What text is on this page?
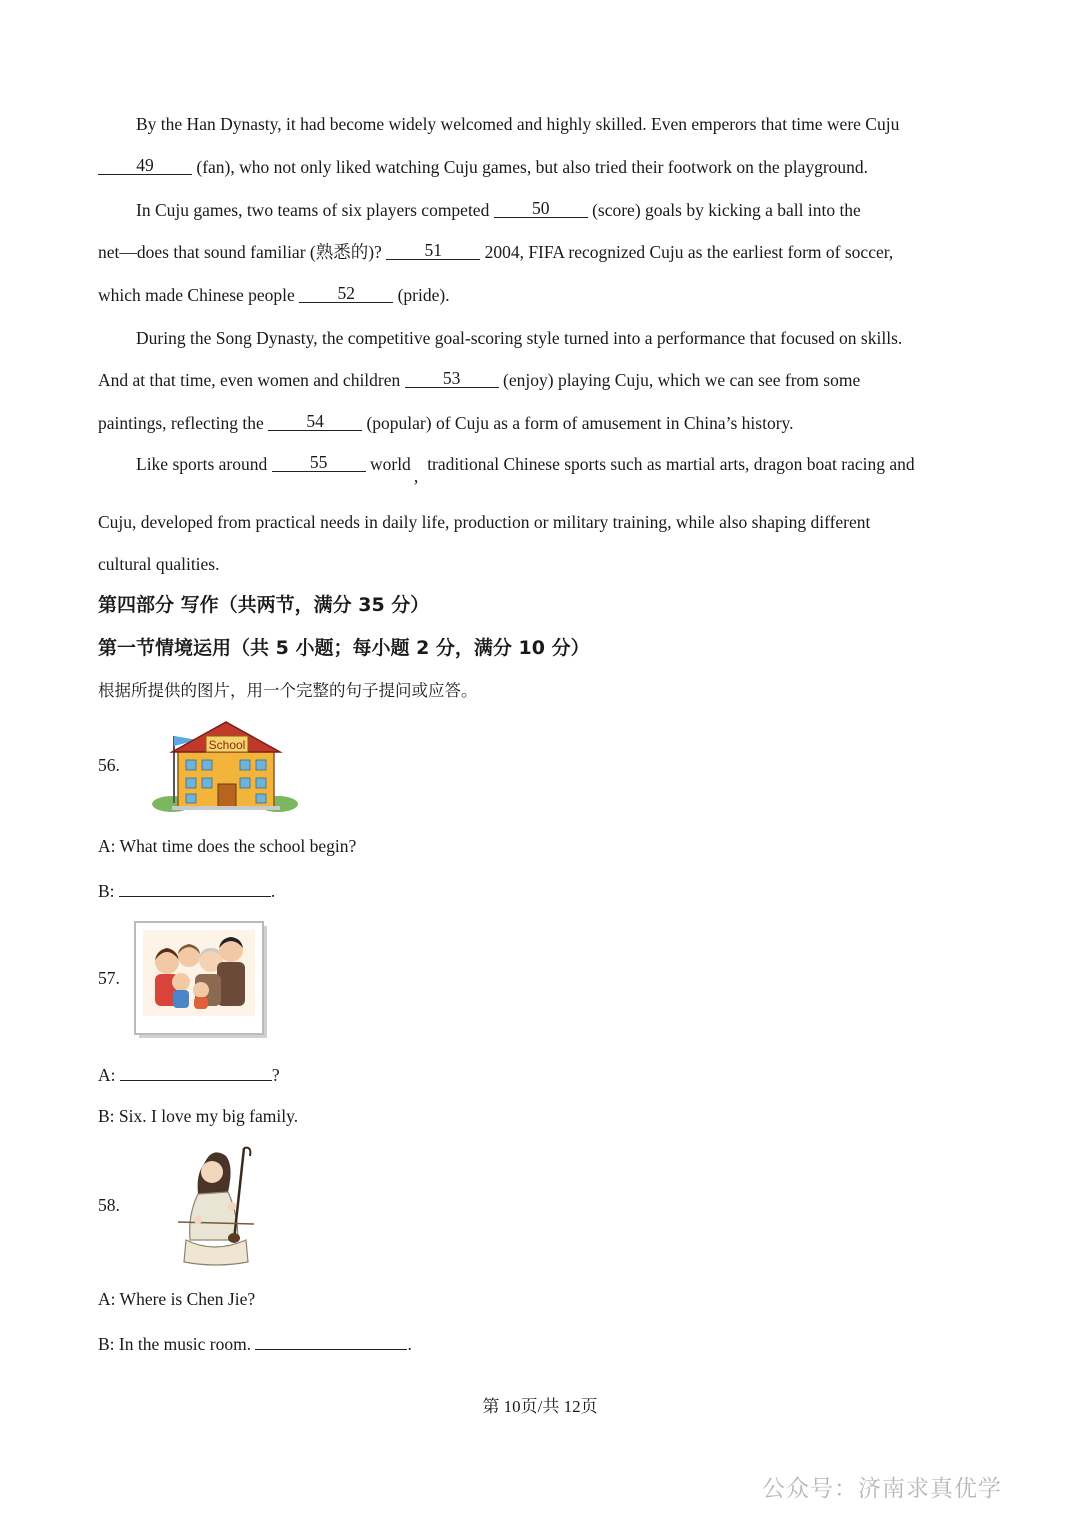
By the Han Dynasty, it had become widely welcomed and highly skilled. Even emperors that time were Cuju
49 (fan), who not only liked watching Cuju games, but also tried their footwork on the playground.
In Cuju games, two teams of six players competed 50 (score) goals by kicking a ball into the
net—does that sound familiar (熟悉的)? 51 2004, FIFA recognized Cuju as the earliest form of soccer,
which made Chinese people 52 (pride).
During the Song Dynasty, the competitive goal-scoring style turned into a performance that focused on skills.
And at that time, even women and children 53 (enjoy) playing Cuju, which we can see from some
paintings, reflecting the 54 (popular) of Cuju as a form of amusement in China’s history.
Like sports around 55 world,traditional Chinese sports such as martial arts, dragon boat racing and
Cuju, developed from practical needs in daily life, production or military training, while also shaping different
cultural qualities.
第四部分 写作（共两节，满分 35 分）
第一节情境运用（共 5 小题；每小题 2 分，满分 10 分）
根据所提供的图片，用一个完整的句子提问或应答。
56.
School
A: What time does the school begin?
B:	.
57.
A:	?
B: Six. I love my big family.
58.
A: Where is Chen Jie?
B: In the music room.	.
第 10页/共 12页
公众号：济南求真优学
